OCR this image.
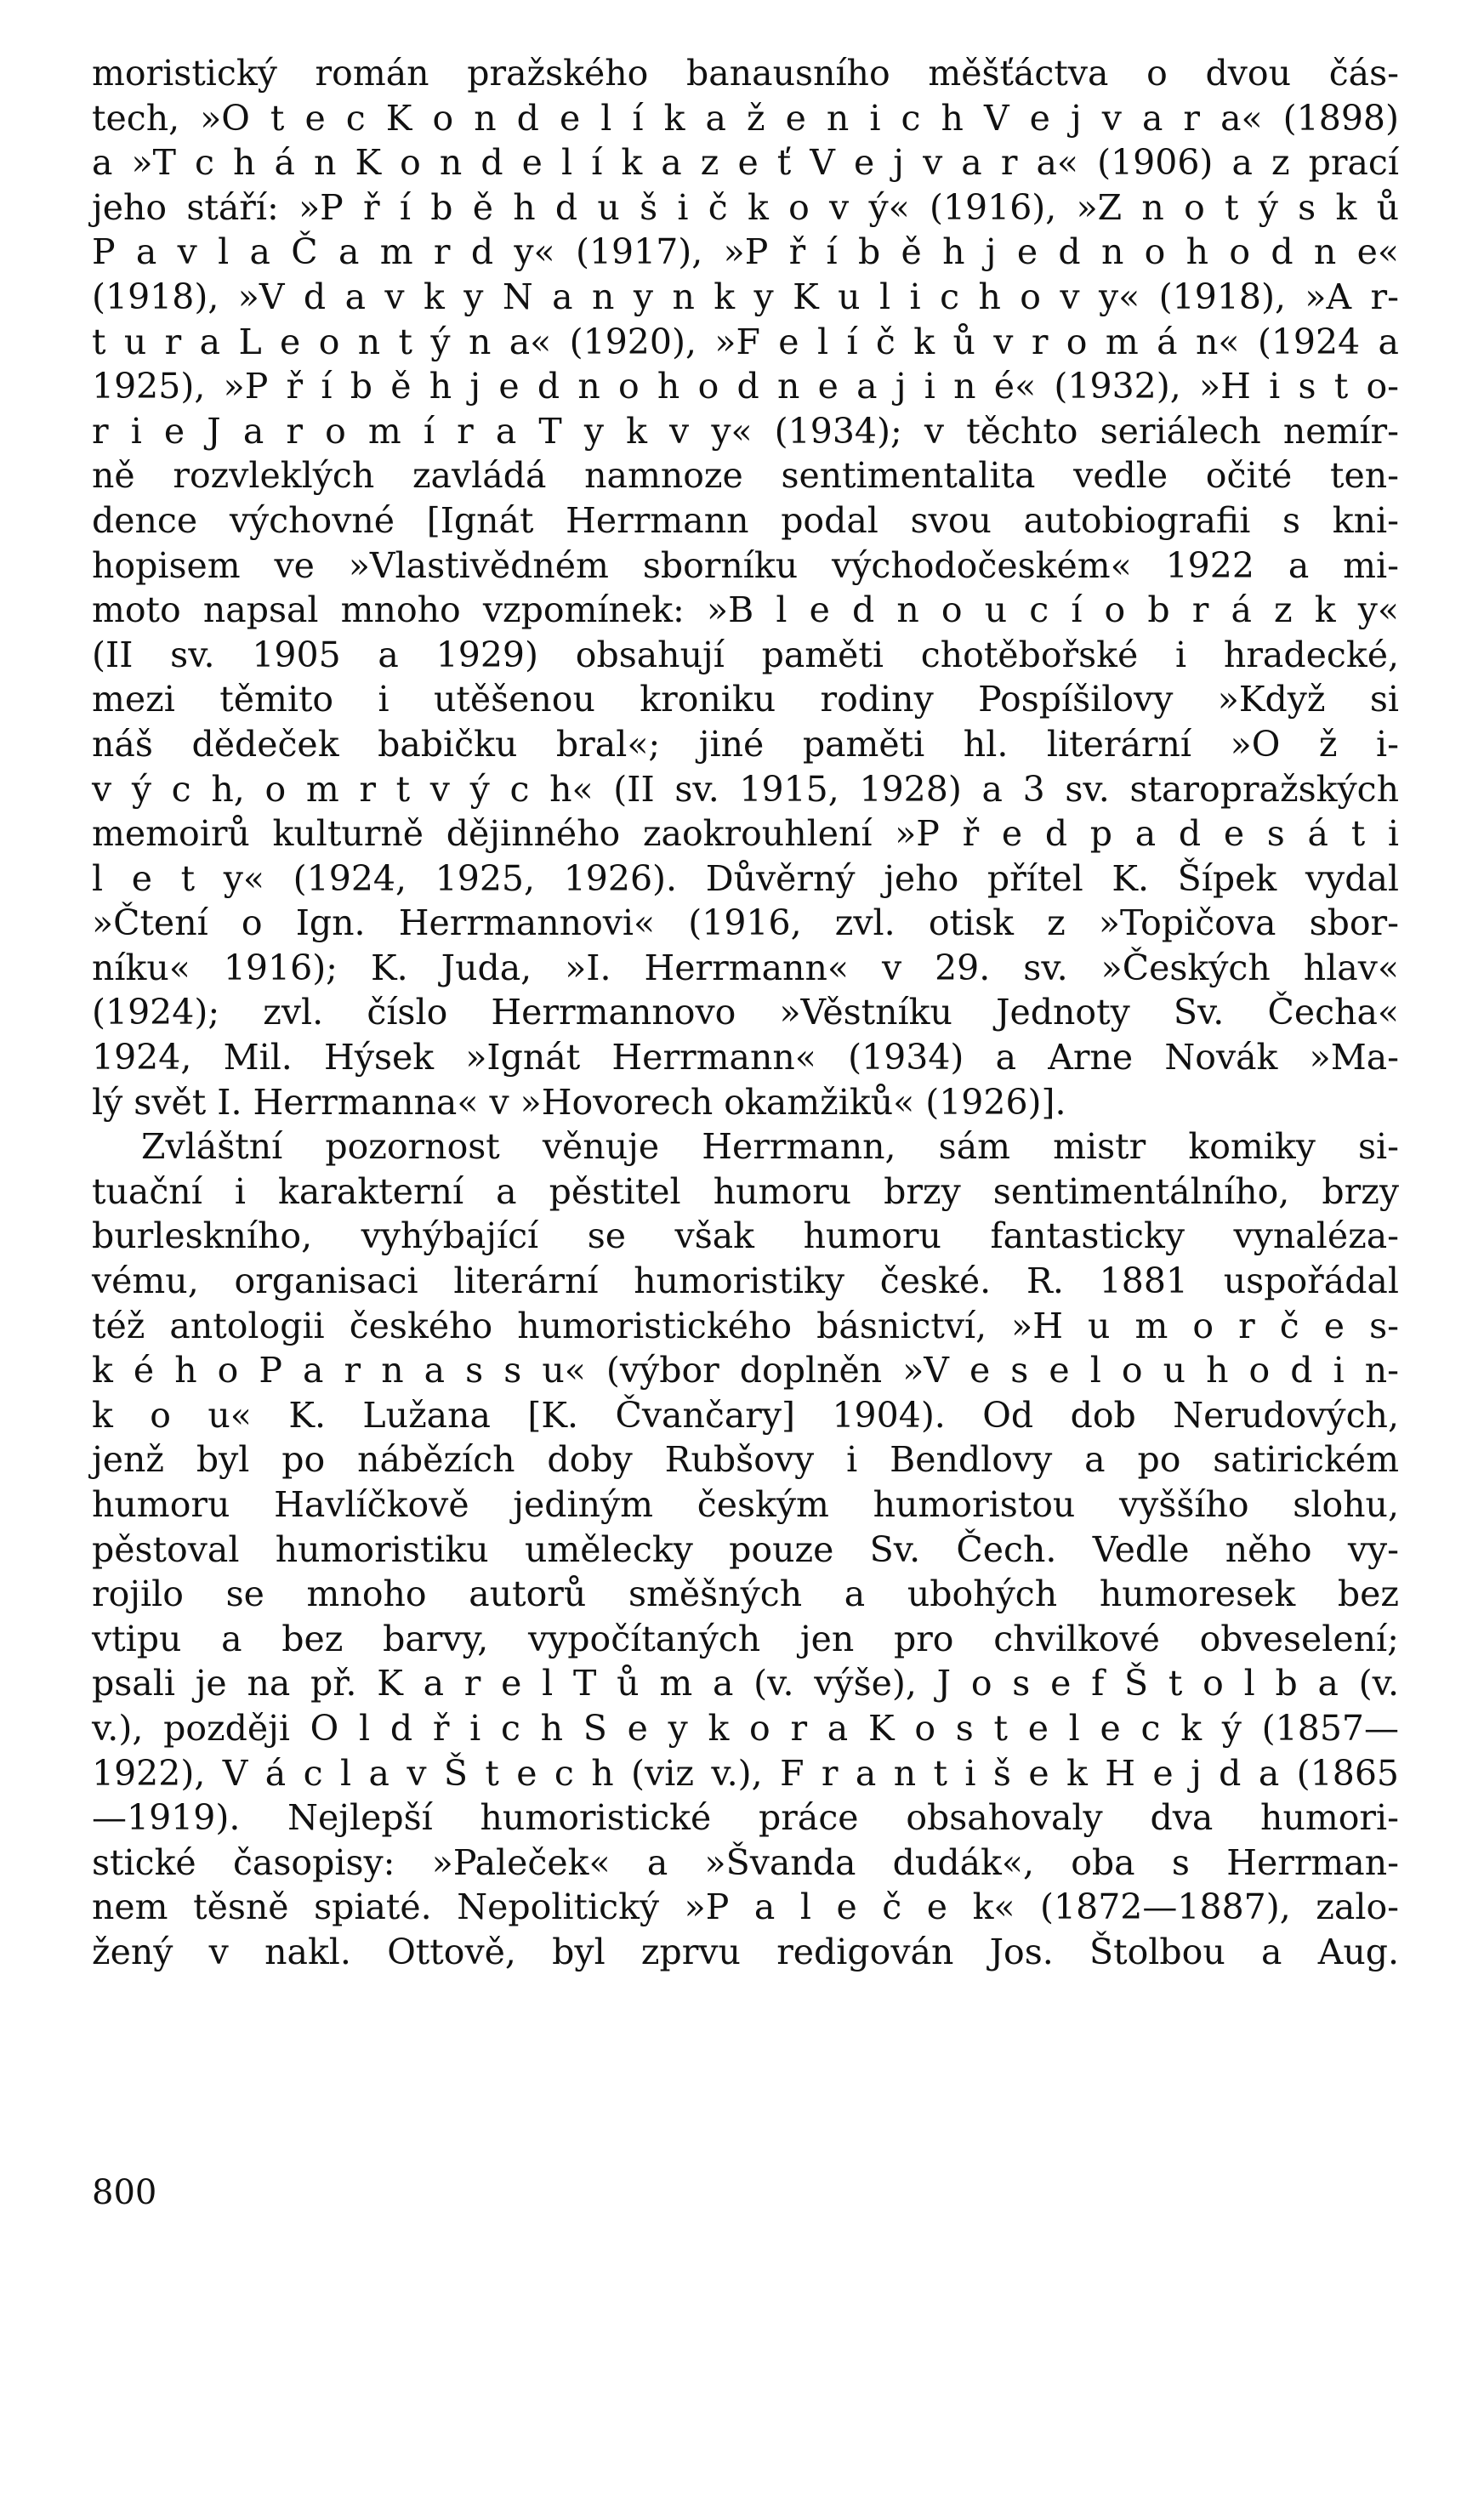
moristický román pražského banausního měšťáctva o dvou čás-
tech, »O t e c K o n d e l í k a ž e n i c h V e j v a r a« (1898)
a »T c h á n K o n d e l í k a z e ť V e j v a r a« (1906) a z prací
jeho stáří: »P ř í b ě h d u š i č k o v ý« (1916), »Z n o t ý s k ů
P a v l a Č a m r d y« (1917), »P ř í b ě h j e d n o h o d n e«
(1918), »V d a v k y N a n y n k y K u l i c h o v y« (1918), »A r-
t u r a L e o n t ý n a« (1920), »F e l í č k ů v r o m á n« (1924 a
1925), »P ř í b ě h j e d n o h o d n e a j i n é« (1932), »H i s t o-
r i e J a r o m í r a T y k v y« (1934); v těchto seriálech nemír-
ně rozvleklých zavládá namnoze sentimentalita vedle očité ten-
dence výchovné [Ignát Herrmann podal svou autobiografii s kni-
hopisem ve »Vlastivědném sborníku východočeském« 1922 a mi-
moto napsal mnoho vzpomínek: »B l e d n o u c í o b r á z k y«
(II sv. 1905 a 1929) obsahují paměti chotěbořské i hradecké,
mezi těmito i utěšenou kroniku rodiny Pospíšilovy »Když si
náš dědeček babičku bral«; jiné paměti hl. literární »O ž i-
v ý c h, o m r t v ý c h« (II sv. 1915, 1928) a 3 sv. staropražských
memoirů kulturně dějinného zaokrouhlení »P ř e d p a d e s á t i
l e t y« (1924, 1925, 1926). Důvěrný jeho přítel K. Šípek vydal
»Čtení o Ign. Herrmannovi« (1916, zvl. otisk z »Topičova sbor-
níku« 1916); K. Juda, »I. Herrmann« v 29. sv. »Českých hlav«
(1924); zvl. číslo Herrmannovo »Věstníku Jednoty Sv. Čecha«
1924, Mil. Hýsek »Ignát Herrmann« (1934) a Arne Novák »Ma-
lý svět I. Herrmanna« v »Hovorech okamžiků« (1926)].
Zvláštní pozornost věnuje Herrmann, sám mistr komiky si-
tuační i karakterní a pěstitel humoru brzy sentimentálního, brzy
burleskního, vyhýbající se však humoru fantasticky vynaléza-
vému, organisaci literární humoristiky české. R. 1881 uspořádal
též antologii českého humoristického básnictví, »H u m o r č e s-
k é h o P a r n a s s u« (výbor doplněn »V e s e l o u h o d i n-
k o u« K. Lužana [K. Čvančary] 1904). Od dob Nerudových,
jenž byl po nábězích doby Rubšovy i Bendlovy a po satirickém
humoru Havlíčkově jediným českým humoristou vyššího slohu,
pěstoval humoristiku umělecky pouze Sv. Čech. Vedle něho vy-
rojilo se mnoho autorů směšných a ubohých humoresek bez
vtipu a bez barvy, vypočítaných jen pro chvilkové obveselení;
psali je na př. K a r e l T ů m a (v. výše), J o s e f Š t o l b a (v.
v.), později O l d ř i c h S e y k o r a K o s t e l e c k ý (1857—
1922), V á c l a v Š t e c h (viz v.), F r a n t i š e k H e j d a (1865
—1919). Nejlepší humoristické práce obsahovaly dva humori-
stické časopisy: »Paleček« a »Švanda dudák«, oba s Herrman-
nem těsně spiaté. Nepolitický »P a l e č e k« (1872—1887), zalo-
žený v nakl. Ottově, byl zprvu redigován Jos. Štolbou a Aug.
800
